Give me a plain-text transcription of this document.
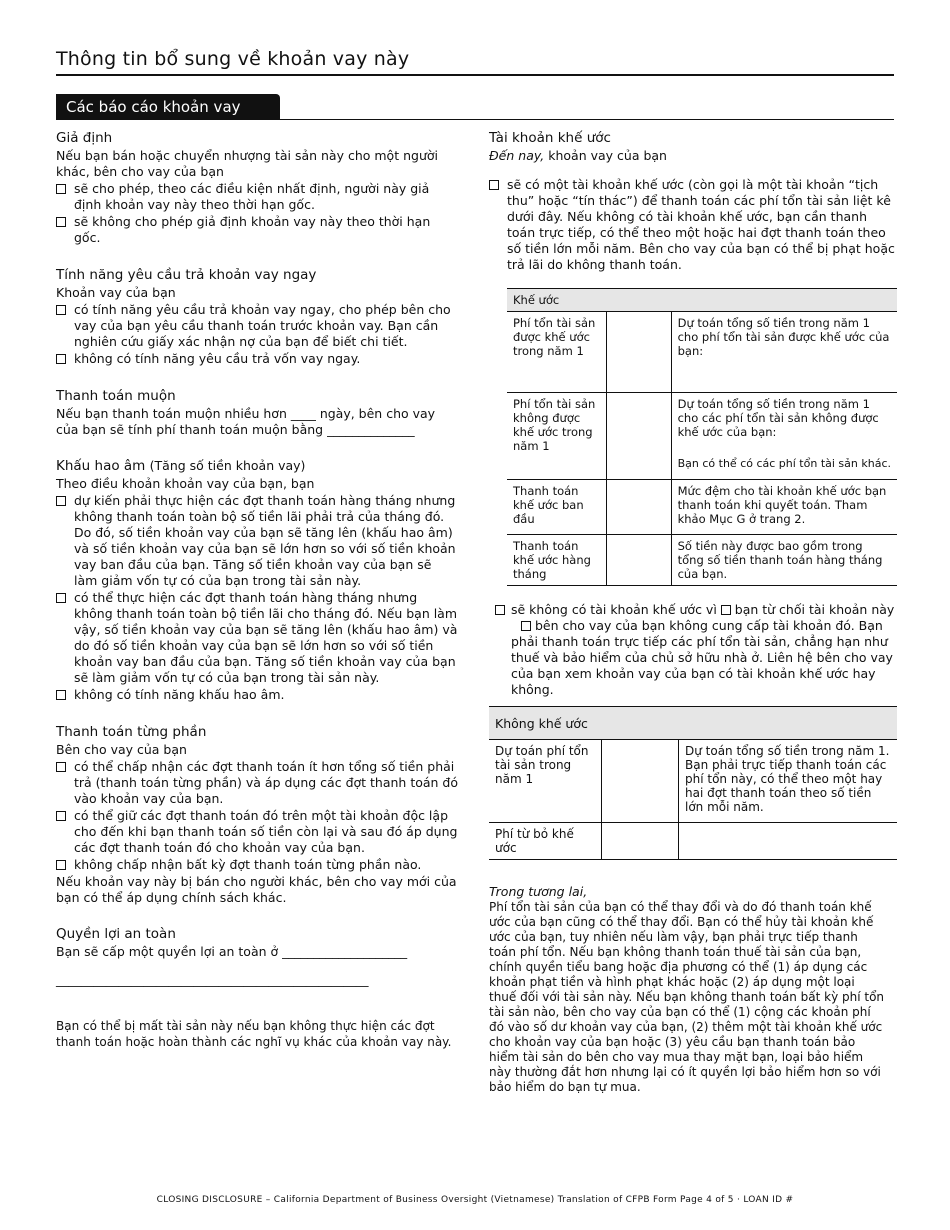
Thông tin bổ sung về khoản vay này
Các báo cáo khoản vay
Giả định

Nếu bạn bán hoặc chuyển nhượng tài sản này cho một người khác, bên cho vay của bạn

sẽ cho phép, theo các điều kiện nhất định, người này giả định khoản vay này theo thời hạn gốc.
sẽ không cho phép giả định khoản vay này theo thời hạn gốc.
Tính năng yêu cầu trả khoản vay ngay

Khoản vay của bạn

có tính năng yêu cầu trả khoản vay ngay, cho phép bên cho vay của bạn yêu cầu thanh toán trước khoản vay. Bạn cần nghiên cứu giấy xác nhận nợ của bạn để biết chi tiết.
không có tính năng yêu cầu trả vốn vay ngay.
Thanh toán muộn

Nếu bạn thanh toán muộn nhiều hơn ____ ngày, bên cho vay

của bạn sẽ tính phí thanh toán muộn bằng ______________

Khấu hao âm (Tăng số tiền khoản vay)

Theo điều khoản khoản vay của bạn, bạn

dự kiến phải thực hiện các đợt thanh toán hàng tháng nhưng không thanh toán toàn bộ số tiền lãi phải trả của tháng đó. Do đó, số tiền khoản vay của bạn sẽ tăng lên (khấu hao âm) và số tiền khoản vay của bạn sẽ lớn hơn so với số tiền khoản vay ban đầu của bạn. Tăng số tiền khoản vay của bạn sẽ làm giảm vốn tự có của bạn trong tài sản này.
có thể thực hiện các đợt thanh toán hàng tháng nhưng không thanh toán toàn bộ tiền lãi cho tháng đó. Nếu bạn làm vậy, số tiền khoản vay của bạn sẽ tăng lên (khấu hao âm) và do đó số tiền khoản vay của bạn sẽ lớn hơn so với số tiền khoản vay ban đầu của bạn. Tăng số tiền khoản vay của bạn sẽ làm giảm vốn tự có của bạn trong tài sản này.
không có tính năng khấu hao âm.
Thanh toán từng phần

Bên cho vay của bạn

có thể chấp nhận các đợt thanh toán ít hơn tổng số tiền phải trả (thanh toán từng phần) và áp dụng các đợt thanh toán đó vào khoản vay của bạn.
có thể giữ các đợt thanh toán đó trên một tài khoản độc lập cho đến khi bạn thanh toán số tiền còn lại và sau đó áp dụng các đợt thanh toán đó cho khoản vay của bạn.
không chấp nhận bất kỳ đợt thanh toán từng phần nào.

Nếu khoản vay này bị bán cho người khác, bên cho vay mới của bạn có thể áp dụng chính sách khác.

Quyền lợi an toàn

Bạn sẽ cấp một quyền lợi an toàn ở ____________________

__________________________________________________

Bạn có thể bị mất tài sản này nếu bạn không thực hiện các đợt thanh toán hoặc hoàn thành các nghĩ vụ khác của khoản vay này.

Tài khoản khế ước

Đến nay, khoản vay của bạn

sẽ có một tài khoản khế ước (còn gọi là một tài khoản “tịch thu” hoặc “tín thác”) để thanh toán các phí tổn tài sản liệt kê dưới đây. Nếu không có tài khoản khế ước, bạn cần thanh toán trực tiếp, có thể theo một hoặc hai đợt thanh toán theo số tiền lớn mỗi năm. Bên cho vay của bạn có thể bị phạt hoặc trả lãi do không thanh toán.
Khế ước		
Phí tổn tài sản được khế ước trong năm 1		Dự toán tổng số tiền trong năm 1 cho phí tổn tài sản được khế ước của bạn:
Phí tổn tài sản không được khế ước trong năm 1		Dự toán tổng số tiền trong năm 1 cho các phí tổn tài sản không được khế ước của bạn:
Bạn có thể có các phí tổn tài sản khác.

Thanh toán khế ước ban đầu		Mức đệm cho tài khoản khế ước bạn thanh toán khi quyết toán. Tham khảo Mục G ở trang 2.
Thanh toán khế ước hàng tháng		Số tiền này được bao gồm trong tổng số tiền thanh toán hàng tháng của bạn.
sẽ không có tài khoản khế ước vì bạn từ chối tài khoản này
bên cho vay của bạn không cung cấp tài khoản đó. Bạn phải thanh toán trực tiếp các phí tổn tài sản, chẳng hạn như thuế và bảo hiểm của chủ sở hữu nhà ở. Liên hệ bên cho vay của bạn xem khoản vay của bạn có tài khoản khế ước hay không.
Không khế ước		
Dự toán phí tổn tài sản trong năm 1		Dự toán tổng số tiền trong năm 1. Bạn phải trực tiếp thanh toán các phí tổn này, có thể theo một hay hai đợt thanh toán theo số tiền lớn mỗi năm.
Phí từ bỏ khế ước		
Trong tương lai,

Phí tổn tài sản của bạn có thể thay đổi và do đó thanh toán khế ước của bạn cũng có thể thay đổi. Bạn có thể hủy tài khoản khế ước của bạn, tuy nhiên nếu làm vậy, bạn phải trực tiếp thanh toán phí tổn. Nếu bạn không thanh toán thuế tài sản của bạn, chính quyền tiểu bang hoặc địa phương có thể (1) áp dụng các khoản phạt tiền và hình phạt khác hoặc (2) áp dụng một loại thuế đối với tài sản này. Nếu bạn không thanh toán bất kỳ phí tổn tài sản nào, bên cho vay của bạn có thể (1) cộng các khoản phí đó vào số dư khoản vay của bạn, (2) thêm một tài khoản khế ước cho khoản vay của bạn hoặc (3) yêu cầu bạn thanh toán bảo hiểm tài sản do bên cho vay mua thay mặt bạn, loại bảo hiểm này thường đắt hơn nhưng lại có ít quyền lợi bảo hiểm hơn so với bảo hiểm do bạn tự mua.

CLOSING DISCLOSURE – California Department of Business Oversight (Vietnamese) Translation of CFPB Form Page 4 of 5 · LOAN ID #
